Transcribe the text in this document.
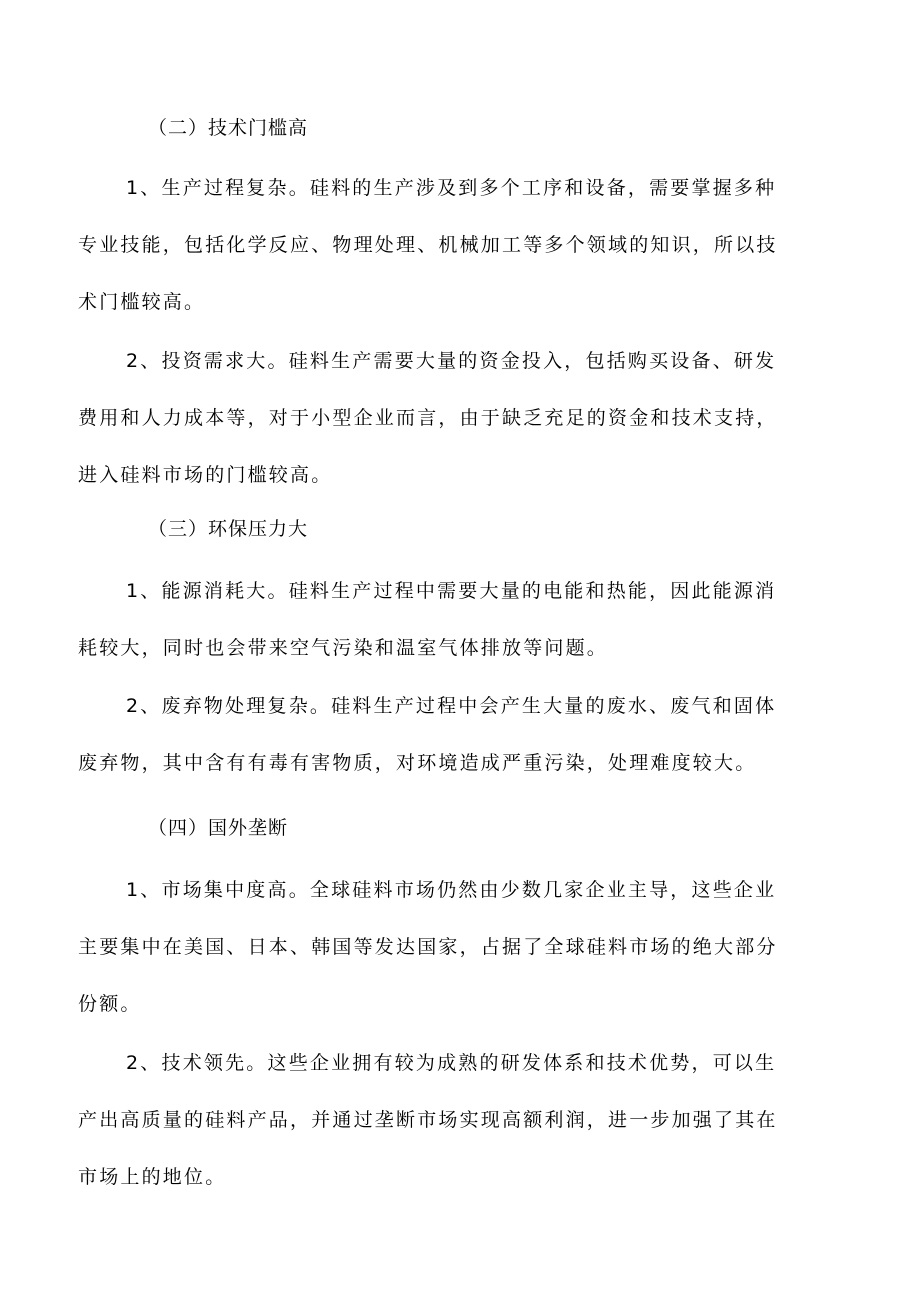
（二）技术门槛高
1、生产过程复杂。硅料的生产涉及到多个工序和设备，需要掌握多种
专业技能，包括化学反应、物理处理、机械加工等多个领域的知识，所以技
术门槛较高。
2、投资需求大。硅料生产需要大量的资金投入，包括购买设备、研发
费用和人力成本等，对于小型企业而言，由于缺乏充足的资金和技术支持，
进入硅料市场的门槛较高。
（三）环保压力大
1、能源消耗大。硅料生产过程中需要大量的电能和热能，因此能源消
耗较大，同时也会带来空气污染和温室气体排放等问题。
2、废弃物处理复杂。硅料生产过程中会产生大量的废水、废气和固体
废弃物，其中含有有毒有害物质，对环境造成严重污染，处理难度较大。
（四）国外垄断
1、市场集中度高。全球硅料市场仍然由少数几家企业主导，这些企业
主要集中在美国、日本、韩国等发达国家，占据了全球硅料市场的绝大部分
份额。
2、技术领先。这些企业拥有较为成熟的研发体系和技术优势，可以生
产出高质量的硅料产品，并通过垄断市场实现高额利润，进一步加强了其在
市场上的地位。
